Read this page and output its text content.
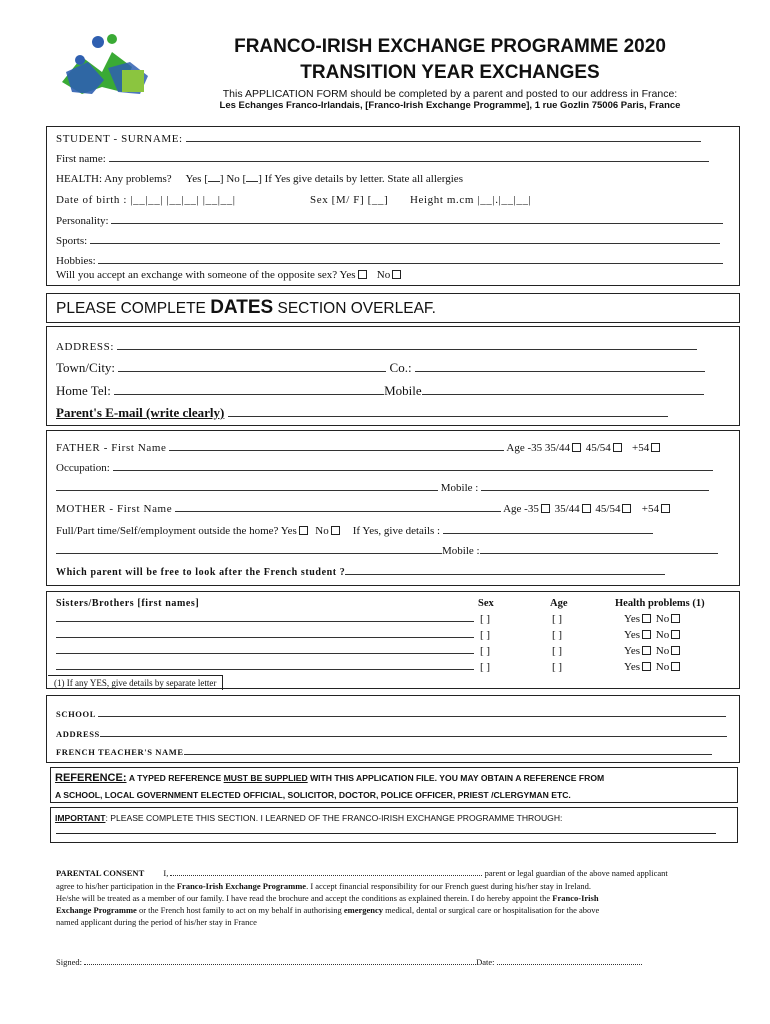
FRANCO-IRISH EXCHANGE PROGRAMME 2020
TRANSITION YEAR EXCHANGES
This APPLICATION FORM should be completed by a parent and posted to our address in France:
Les Echanges Franco-Irlandais, [Franco-Irish Exchange Programme], 1 rue Gozlin 75006 Paris, France
STUDENT - SURNAME:
First name:
HEALTH: Any problems? Yes [ ] No [ ] If Yes give details by letter. State all allergies
Date of birth : |__|__| |__|__| |__|__|	Sex [M/ F] [__] Height m.cm |__|.|__|__|
Personality:
Sports:
Hobbies:
Will you accept an exchange with someone of the opposite sex? Yes No
PLEASE COMPLETE DATES SECTION OVERLEAF.
ADDRESS:
Town/City:	Co.:
Home Tel:	Mobile
Parent's E-mail (write clearly)
FATHER - First Name	Age -35 35/44 45/54 +54
Occupation:
Mobile :
MOTHER - First Name	Age -35 35/44 45/54 +54
Full/Part time/Self/employment outside the home? Yes No If Yes, give details :
Mobile :
Which parent will be free to look after the French student ?
Sisters/Brothers [first names]	Sex	Age	Health problems (1)
[ ]	[ ]	Yes No
[ ]	[ ]	Yes No
[ ]	[ ]	Yes No
[ ]	[ ]	Yes No
(1) If any YES, give details by separate letter
SCHOOL
ADDRESS
FRENCH TEACHER'S NAME
REFERENCE: A TYPED REFERENCE MUST BE SUPPLIED WITH THIS APPLICATION FILE. YOU MAY OBTAIN A REFERENCE FROM
A SCHOOL, LOCAL GOVERNMENT ELECTED OFFICIAL, SOLICITOR, DOCTOR, POLICE OFFICER, PRIEST /CLERGYMAN ETC.
IMPORTANT: PLEASE COMPLETE THIS SECTION. I LEARNED OF THE FRANCO-IRISH EXCHANGE PROGRAMME THROUGH:
PARENTAL CONSENT I,	parent or legal guardian of the above named applicant
agree to his/her participation in the Franco-Irish Exchange Programme. I accept financial responsibility for our French guest during his/her stay in Ireland.
He/she will be treated as a member of our family. I have read the brochure and accept the conditions as explained therein. I do hereby appoint the Franco-Irish
Exchange Programme or the French host family to act on my behalf in authorising emergency medical, dental or surgical care or hospitalisation for the above
named applicant during the period of his/her stay in France
Signed:	Date:
